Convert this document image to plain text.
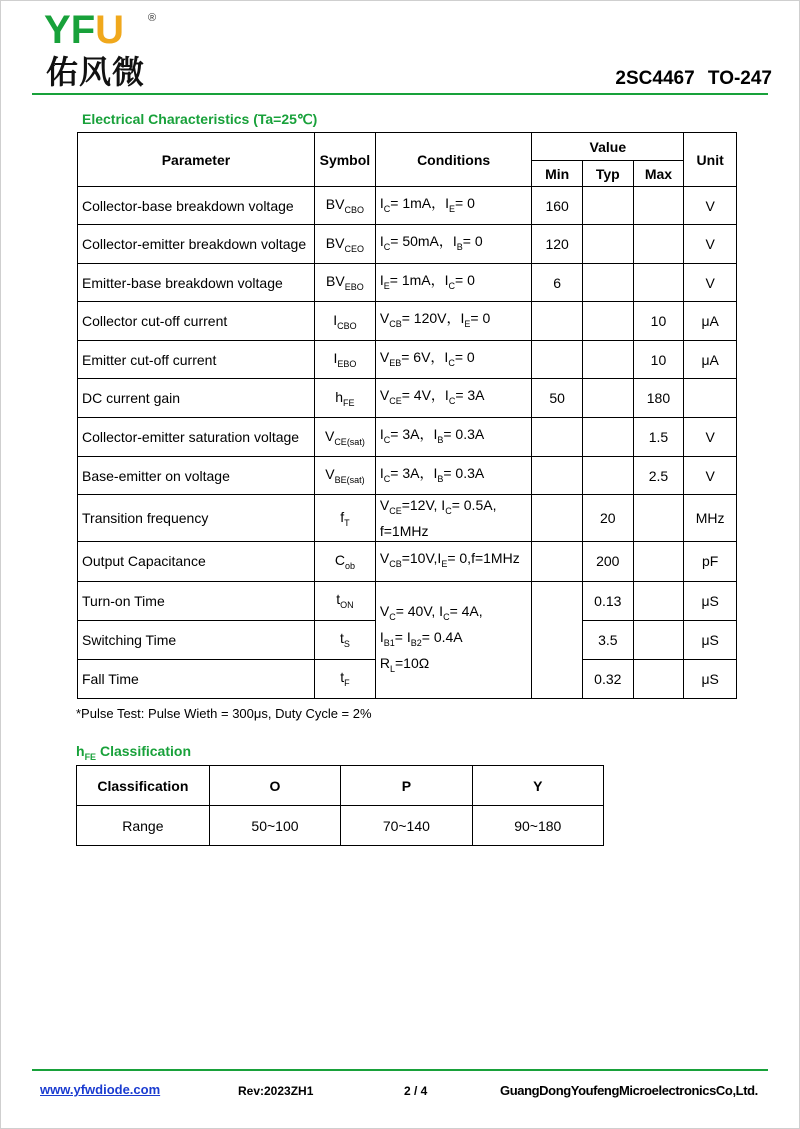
YFU ®
佑风微	2SC4467 TO-247
Electrical Characteristics (Ta=25℃)
Parameter	Symbol	Conditions	Value			Unit
			Min	Typ	Max	
Collector-base breakdown voltage	$BV_{CBO}$	$I_C= 1mA$，$I_E= 0$	160			V
Collector-emitter breakdown voltage	$BV_{CEO}$	$I_C= 50mA$，$I_B= 0$	120			V
Emitter-base breakdown voltage	$BV_{EBO}$	$I_E= 1mA$，$I_C= 0$	6			V
Collector cut-off current	$I_{CBO}$	$V_{CB}= 120V$，$I_E= 0$			10	μA
Emitter cut-off current	$I_{EBO}$	$V_{EB}= 6V$，$I_C= 0$			10	μA
DC current gain	$h_{FE}$	$V_{CE}= 4V$，$I_C= 3A$	50		180	
Collector-emitter saturation voltage	$V_{CE(sat)}$	$I_C= 3A$，$I_B= 0.3A$			1.5	V
Base-emitter on voltage	$V_{BE(sat)}$	$I_C= 3A$，$I_B= 0.3A$			2.5	V
Transition frequency	$f_T$	$V_{CE}=12V$, $I_C= 0.5A$,
f=1MHz		20		MHz
Output Capacitance	$C_{ob}$	$V_{CB}=10V,I_E= 0,f=1MHz$		200		pF
Turn-on Time	$t_{ON}$	$V_C= 40V$, $I_C= 4A$,
$I_{B1}= I_{B2}= 0.4A$
$R_L=10\Omega$		0.13		μS
Switching Time	$t_S$			3.5		μS
Fall Time	$t_F$			0.32		μS
*Pulse Test: Pulse Wieth = 300μs, Duty Cycle = 2%
$h_{FE}$ Classification
Classification	O	P	Y
Range	50~100	70~140	90~180
www.yfwdiode.com	Rev:2023ZH1	2 / 4	GuangDongYoufengMicroelectronicsCo,Ltd.
